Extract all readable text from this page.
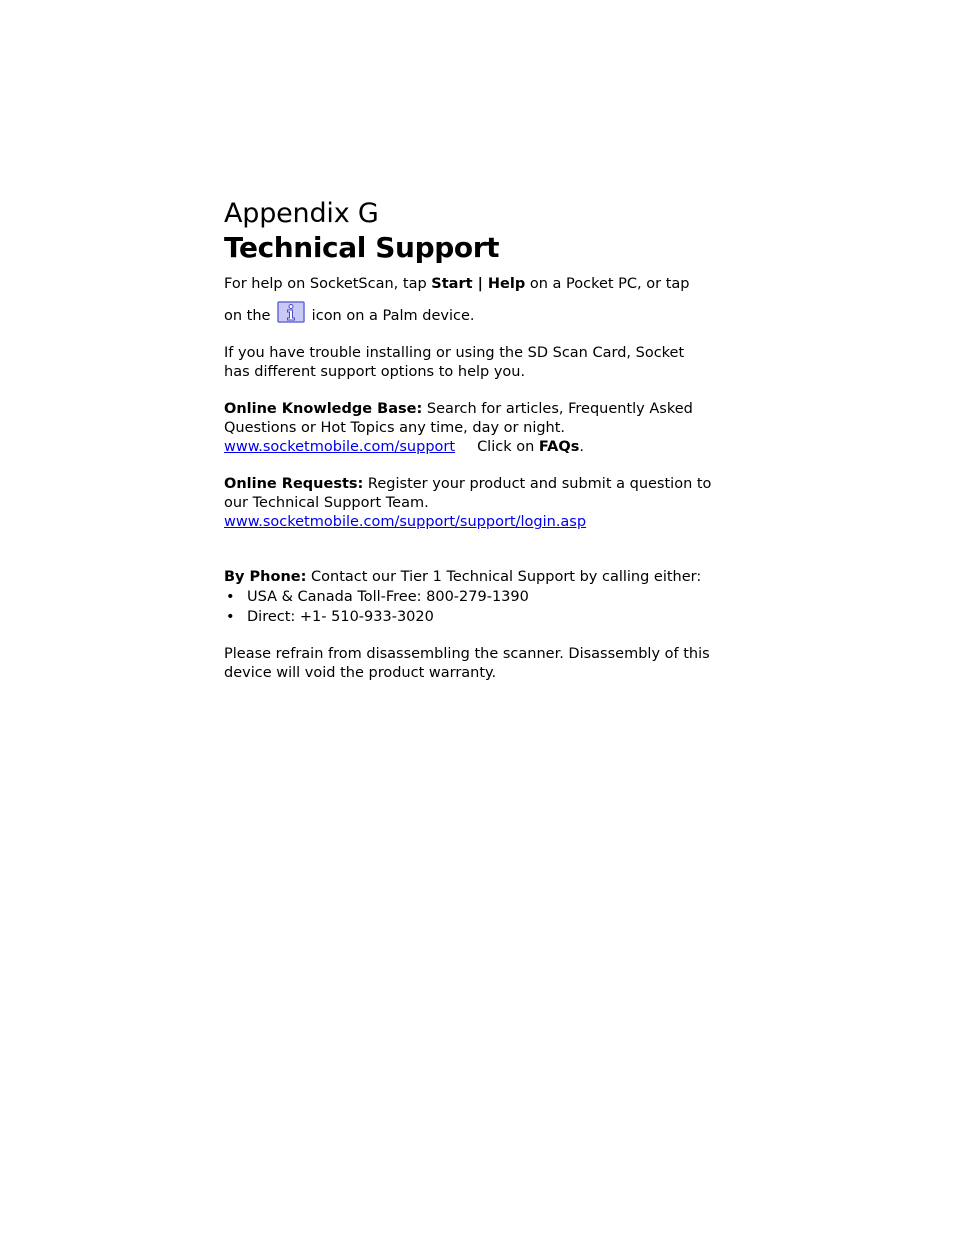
Appendix G
Technical Support

For help on SocketScan, tap Start | Help on a Pocket PC, or tap

on the  icon on a Palm device.

If you have trouble installing or using the SD Scan Card, Socket has different support options to help you.

Online Knowledge Base: Search for articles, Frequently Asked Questions or Hot Topics any time, day or night.

www.socketmobile.com/support Click on FAQs.

Online Requests: Register your product and submit a question to our Technical Support Team.

www.socketmobile.com/support/support/login.asp

By Phone: Contact our Tier 1 Technical Support by calling either:

• USA & Canada Toll-Free: 800-279-1390
• Direct: +1- 510-933-3020

Please refrain from disassembling the scanner. Disassembly of this device will void the product warranty.
